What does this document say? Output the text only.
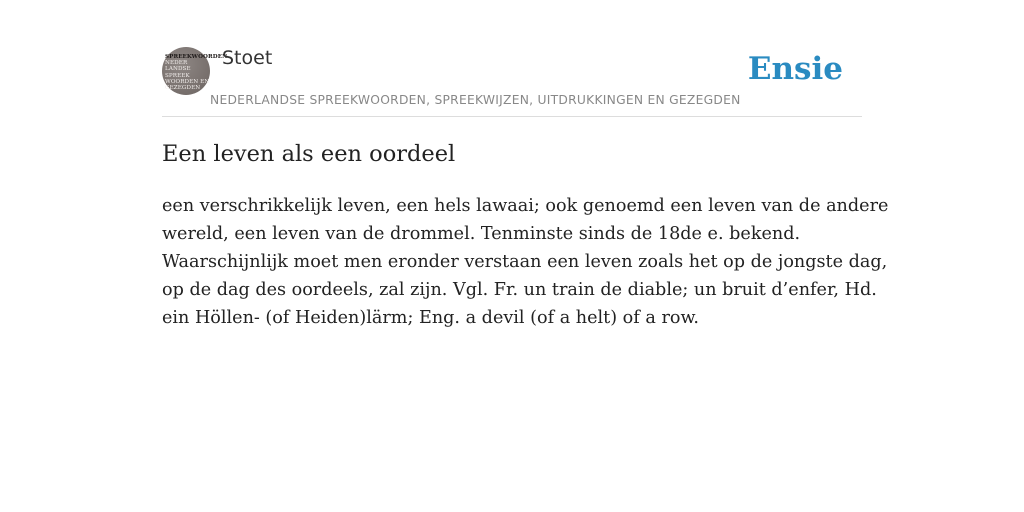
SPREEKWOORDEN
NEDER
LANDSE
SPREEK
WOORDEN EN
GEZEGDEN
Stoet
NEDERLANDSE SPREEKWOORDEN, SPREEKWIJZEN, UITDRUKKINGEN EN GEZEGDEN
Ensie
Een leven als een oordeel

een verschrikkelijk leven, een hels lawaai; ook genoemd een leven van de andere
wereld, een leven van de drommel. Tenminste sinds de 18de e. bekend.
Waarschijnlijk moet men eronder verstaan een leven zoals het op de jongste dag,
op de dag des oordeels, zal zijn. Vgl. Fr. un train de diable; un bruit d’enfer, Hd.
ein Höllen- (of Heiden)lärm; Eng. a devil (of a helt) of a row.
